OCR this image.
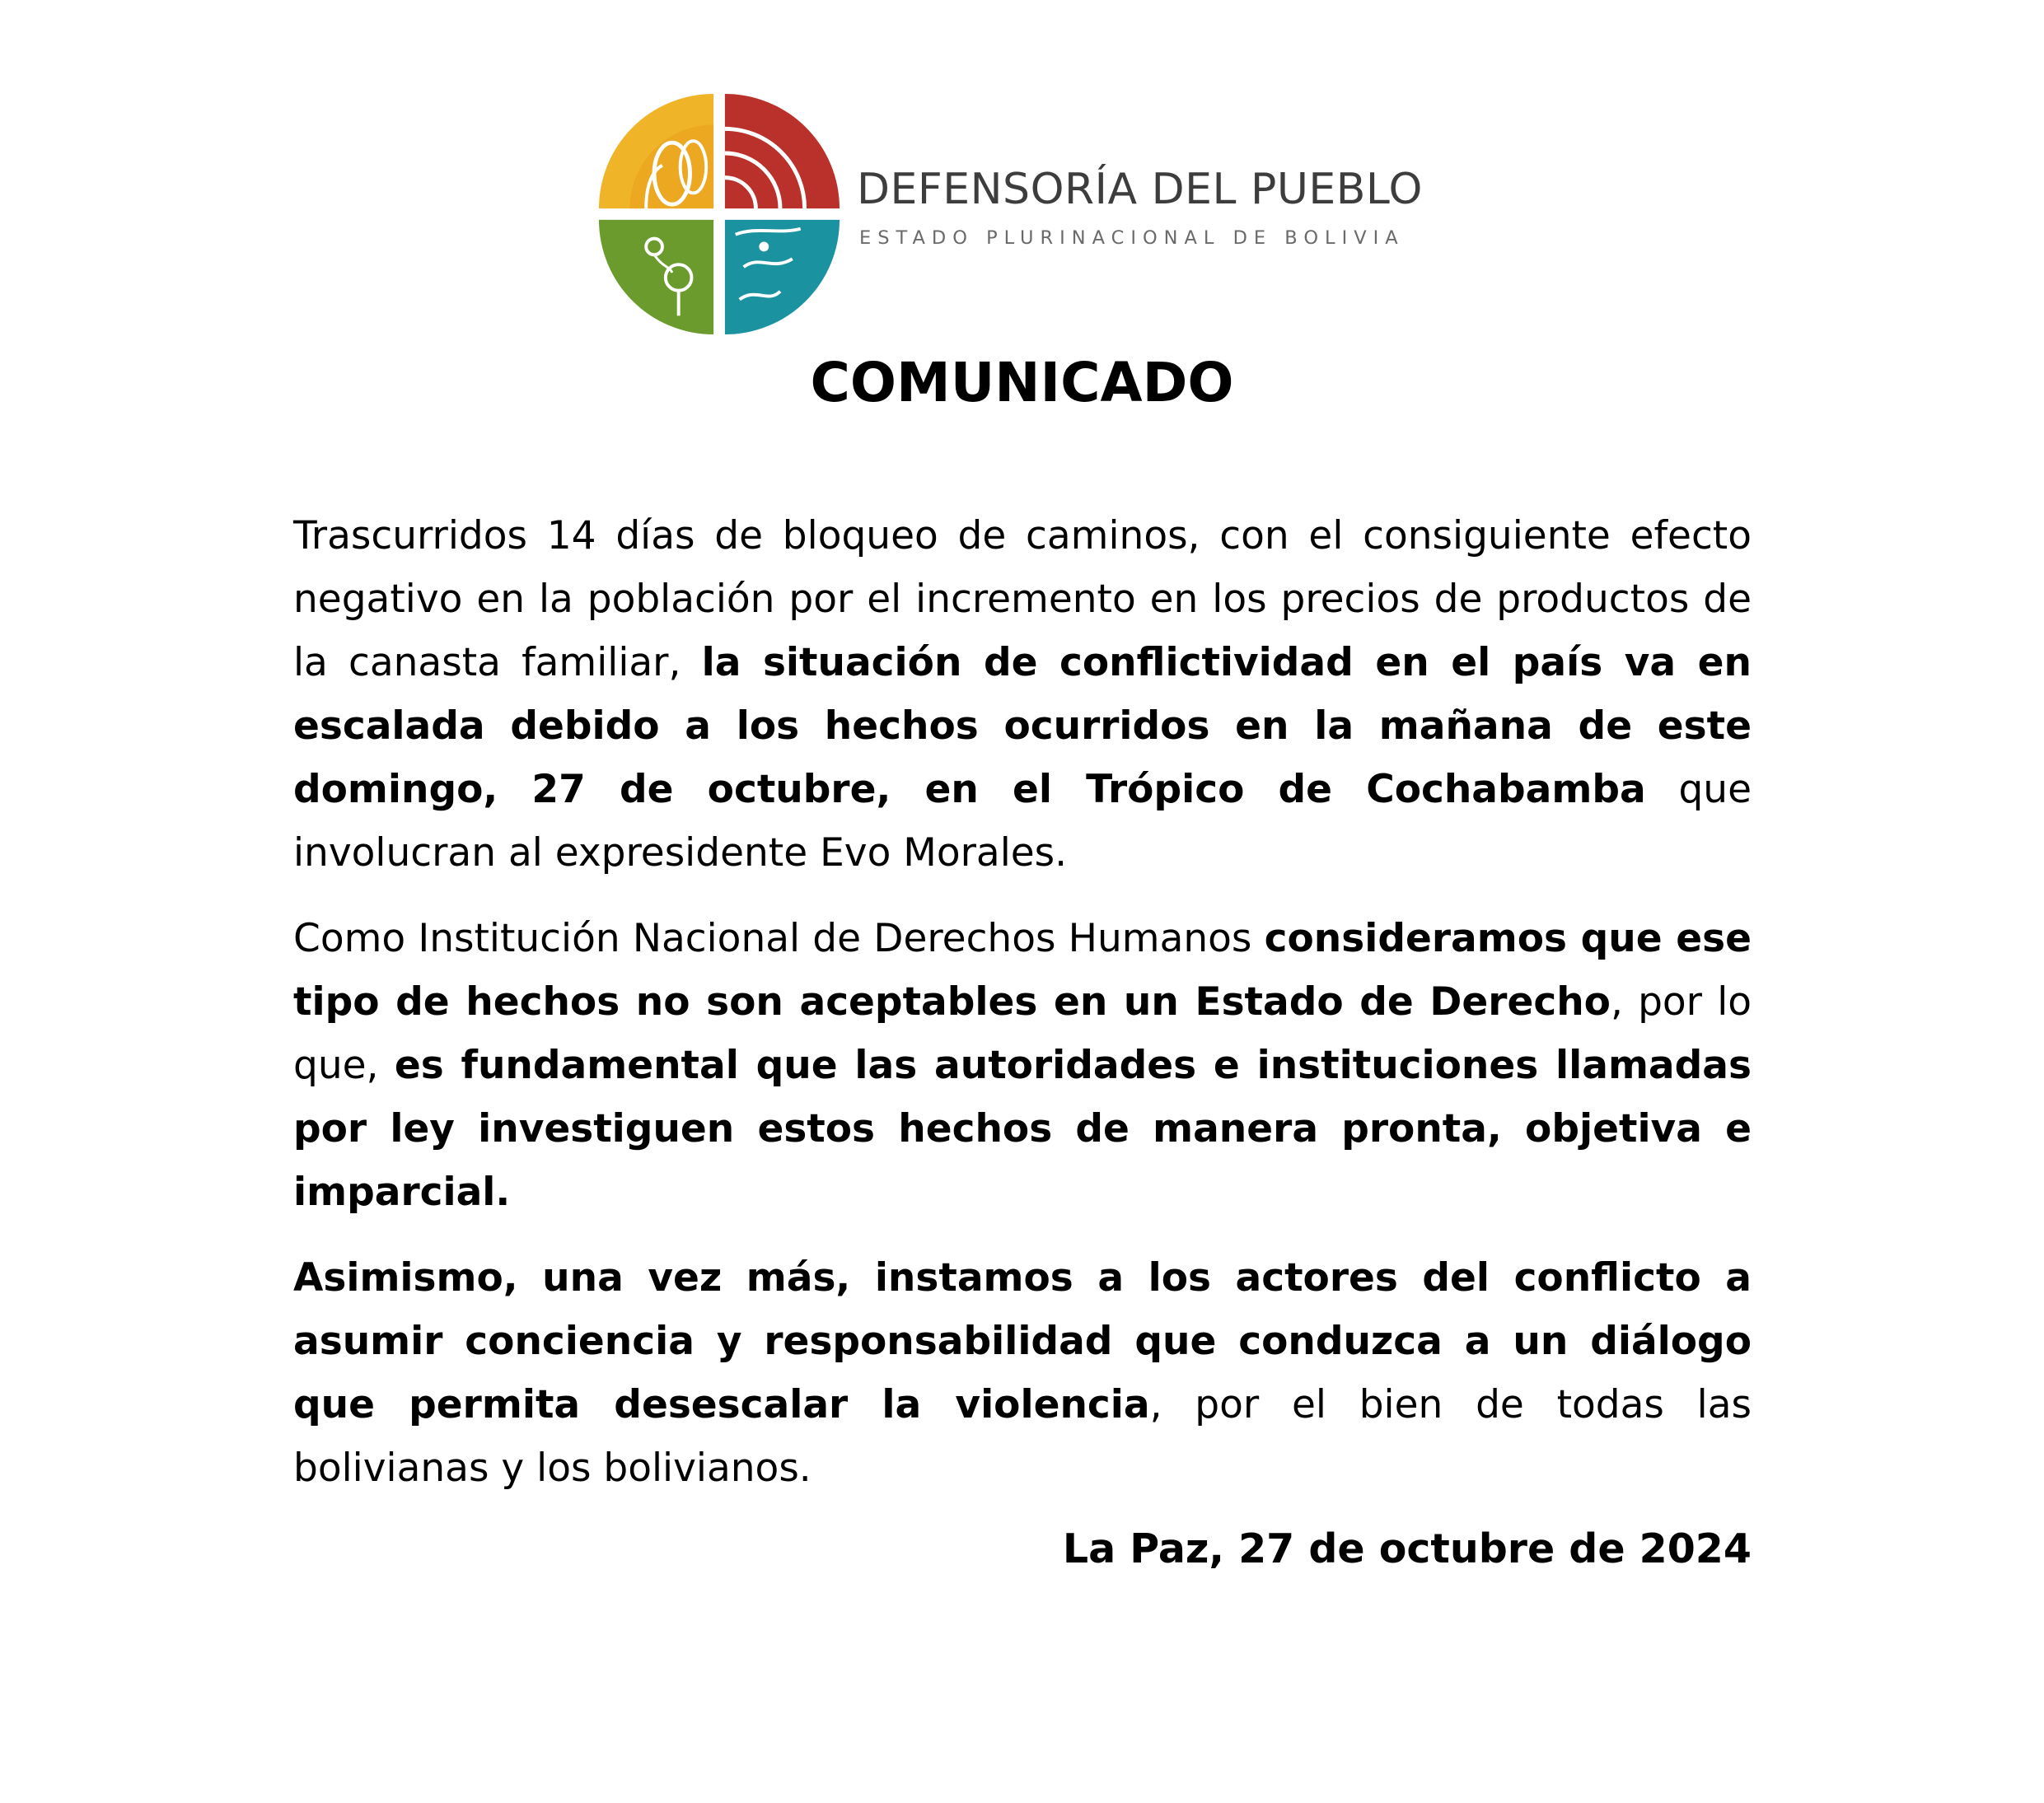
DEFENSORÍA DEL PUEBLO
ESTADO PLURINACIONAL DE BOLIVIA
COMUNICADO

Trascurridos 14 días de bloqueo de caminos, con el consiguiente efecto negativo en la población por el incremento en los precios de productos de la canasta familiar, la situación de conflictividad en el país va en escalada debido a los hechos ocurridos en la mañana de este domingo, 27 de octubre, en el Trópico de Cochabamba que involucran al expresidente Evo Morales.

Como Institución Nacional de Derechos Humanos consideramos que ese tipo de hechos no son aceptables en un Estado de Derecho, por lo que, es fundamental que las autoridades e instituciones llamadas por ley investiguen estos hechos de manera pronta, objetiva e imparcial.

Asimismo, una vez más, instamos a los actores del conflicto a asumir conciencia y responsabilidad que conduzca a un diálogo que permita desescalar la violencia, por el bien de todas las bolivianas y los bolivianos.

La Paz, 27 de octubre de 2024
